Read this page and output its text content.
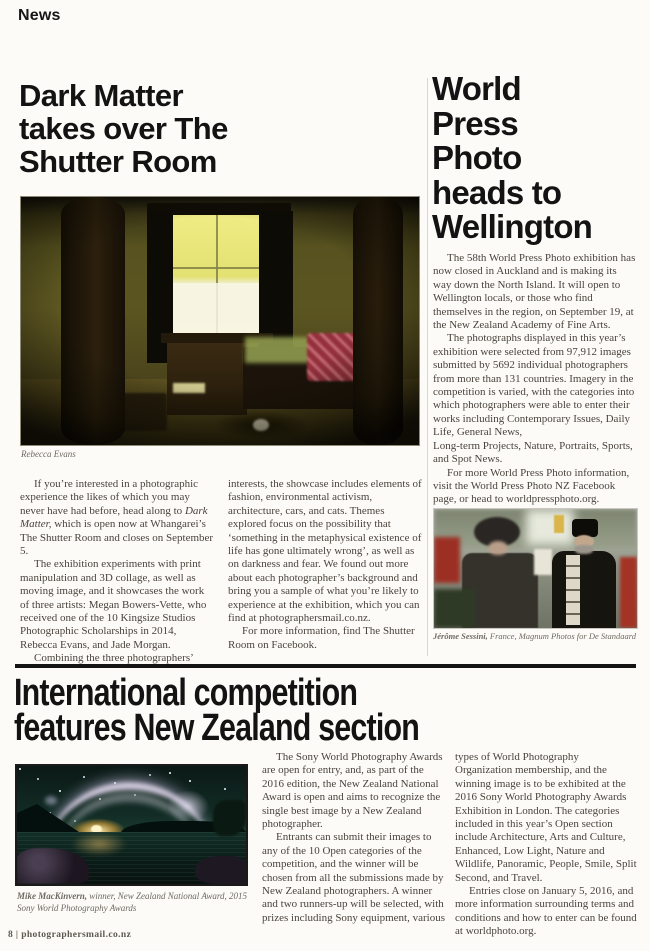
News
Dark Matter
takes over The
Shutter Room
Rebecca Evans

If you’re interested in a photographic experience the likes of which you may never have had before, head along to Dark Matter, which is open now at Whangarei’s The Shutter Room and closes on September 5.

The exhibition experiments with print manipulation and 3D collage, as well as moving image, and it showcases the work of three artists: Megan Bowers-Vette, who received one of the 10 Kingsize Studios Photographic Scholarships in 2014, Rebecca Evans, and Jade Morgan.

Combining the three photographers’

interests, the showcase includes elements of fashion, environmental activism, architecture, cars, and cats. Themes explored focus on the possibility that ‘something in the metaphysical existence of life has gone ultimately wrong’, as well as on darkness and fear. We found out more about each photographer’s background and bring you a sample of what you’re likely to experience at the exhibition, which you can find at photographersmail.co.nz.

For more information, find The Shutter Room on Facebook.

World
Press
Photo
heads to
Wellington

The 58th World Press Photo exhibition has now closed in Auckland and is making its way down the North Island. It will open to Wellington locals, or those who find themselves in the region, on September 19, at the New Zealand Academy of Fine Arts.

The photographs displayed in this year’s exhibition were selected from 97,912 images submitted by 5692 individual photographers from more than 131 countries. Imagery in the competition is varied, with the categories into which photographers were able to enter their works including Contemporary Issues, Daily Life, General News,

Long-term Projects, Nature, Portraits, Sports, and Spot News.

For more World Press Photo information, visit the World Press Photo NZ Facebook page, or head to worldpressphoto.org.

Jérôme Sessini, France, Magnum Photos for De Standaard
International competition
features New Zealand section
Mike MacKinvern, winner, New Zealand National Award, 2015 Sony World Photography Awards

The Sony World Photography Awards are open for entry, and, as part of the 2016 edition, the New Zealand National Award is open and aims to recognize the single best image by a New Zealand photographer.

Entrants can submit their images to any of the 10 Open categories of the competition, and the winner will be chosen from all the submissions made by New Zealand photographers. A winner and two runners-up will be selected, with prizes including Sony equipment, various

types of World Photography Organization membership, and the winning image is to be exhibited at the 2016 Sony World Photography Awards Exhibition in London. The categories included in this year’s Open section include Architecture, Arts and Culture, Enhanced, Low Light, Nature and Wildlife, Panoramic, People, Smile, Split Second, and Travel.

Entries close on January 5, 2016, and more information surrounding terms and conditions and how to enter can be found at worldphoto.org.

8 | photographersmail.co.nz
